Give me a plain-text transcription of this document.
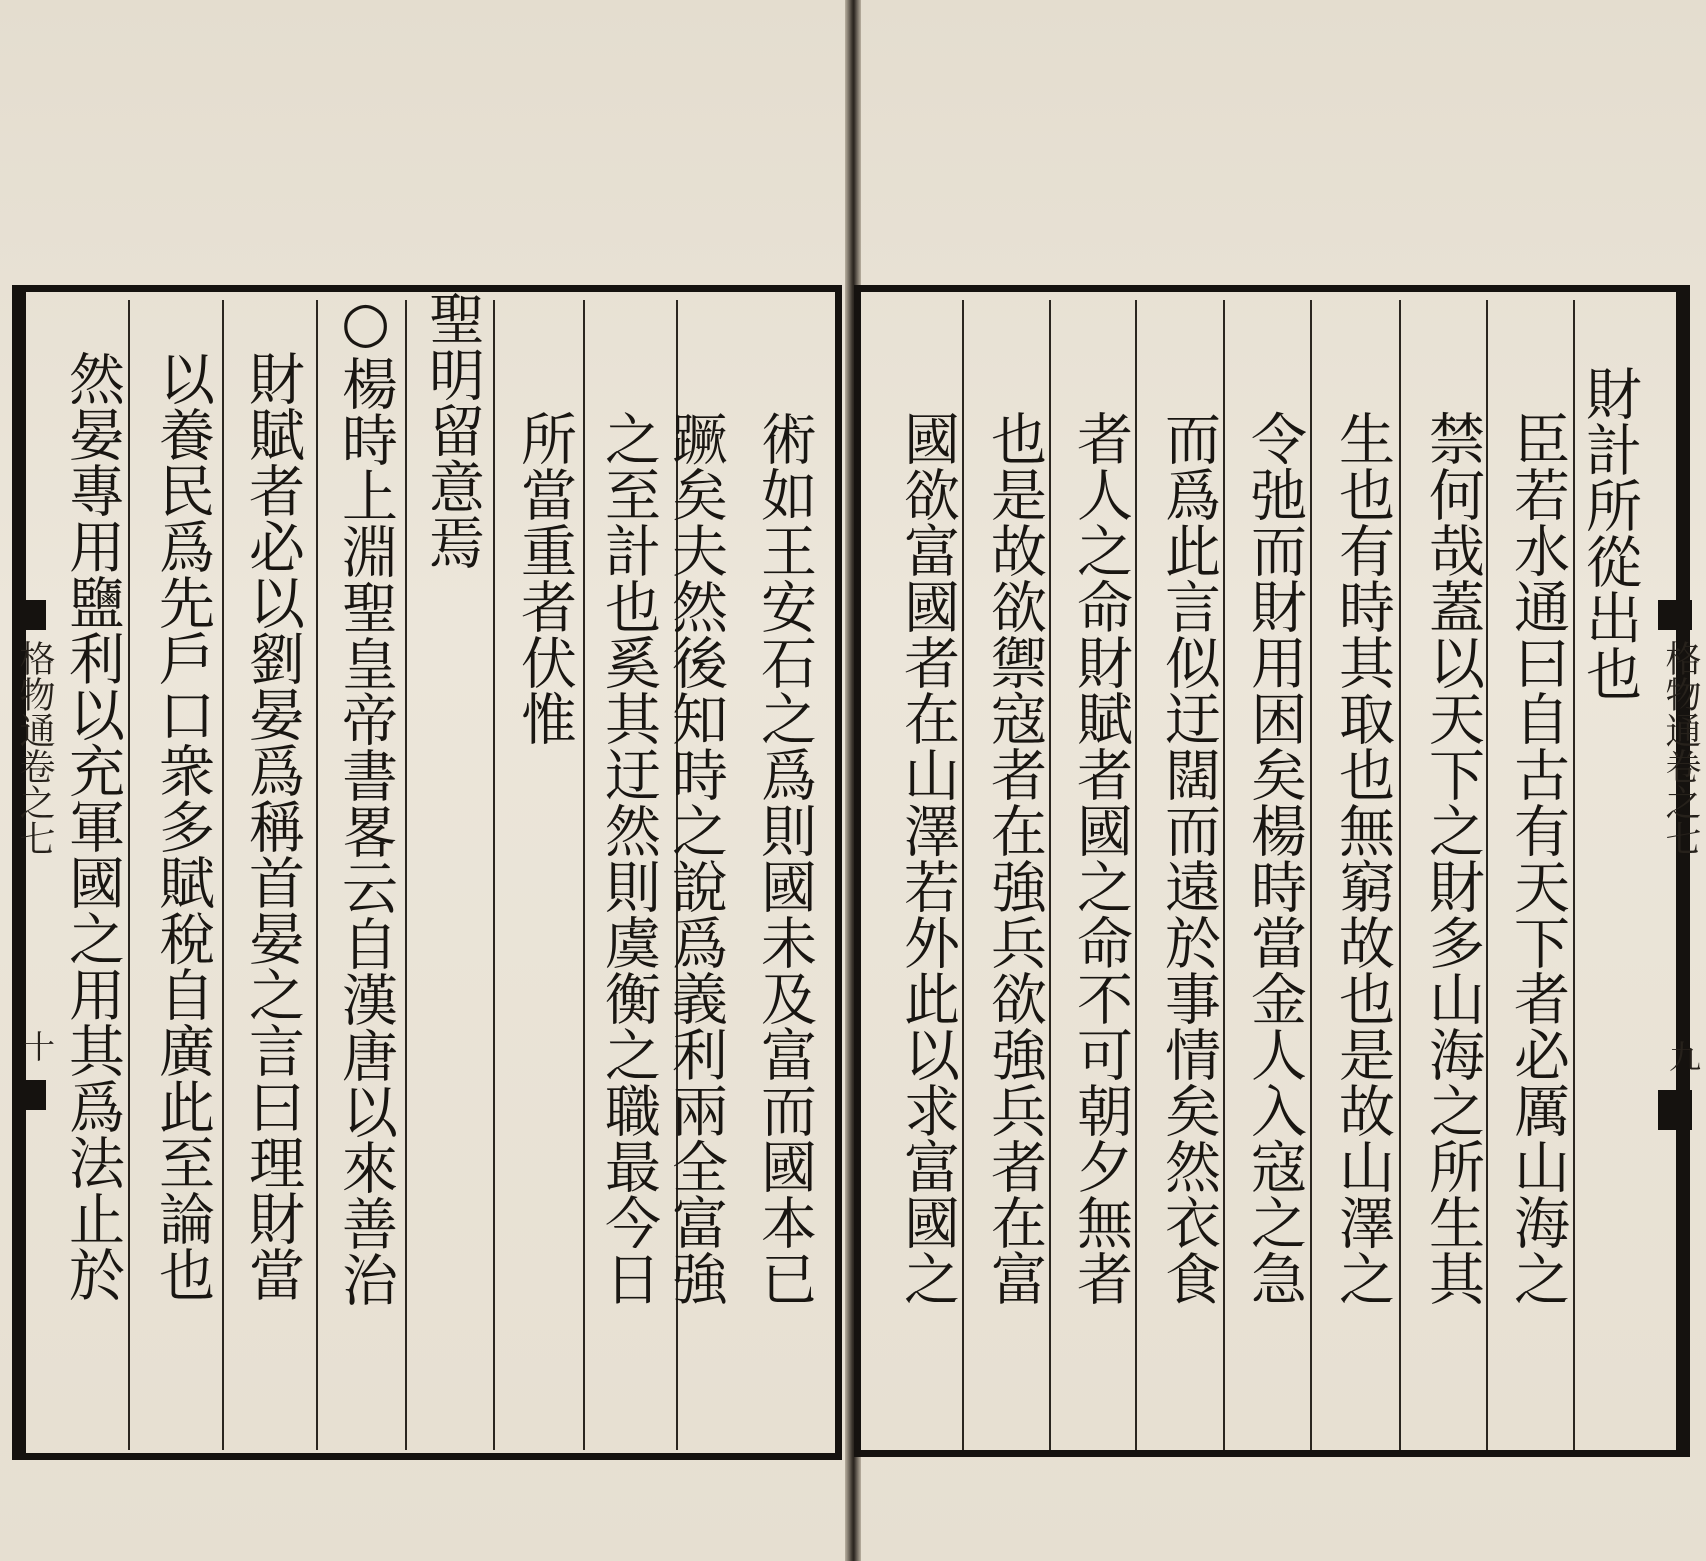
術如王安石之爲則國未及富而國本已
蹶矣夫然後知時之說爲義利兩全富強
之至計也奚其迂然則虞衡之職最今日
所當重者伏惟
聖明留意焉
○楊時上淵聖皇帝書畧云自漢唐以來善治
財賦者必以劉晏爲稱首晏之言曰理財當
以養民爲先戶口衆多賦稅自廣此至論也
然晏專用鹽利以充軍國之用其爲法止於
格物通卷之七
十
財計所從出也
臣若水通曰自古有天下者必厲山海之
禁何哉蓋以天下之財多山海之所生其
生也有時其取也無窮故也是故山澤之
令弛而財用困矣楊時當金人入寇之急
而爲此言似迂闊而遠於事情矣然衣食
者人之命財賦者國之命不可朝夕無者
也是故欲禦寇者在強兵欲強兵者在富
國欲富國者在山澤若外此以求富國之	格物通卷之七
九
